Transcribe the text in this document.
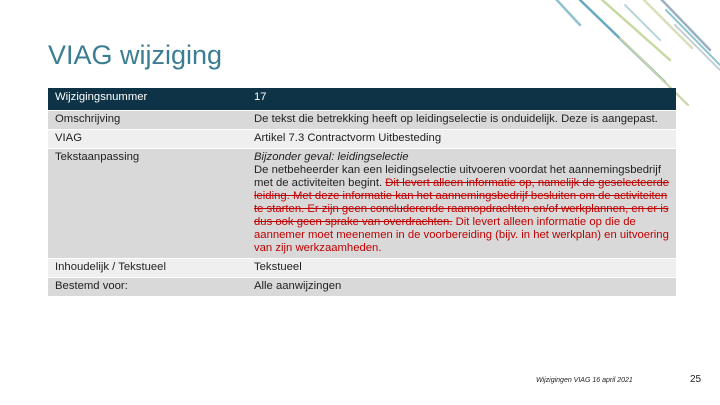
VIAG wijziging
Wijzigingsnummer	17
Omschrijving	De tekst die betrekking heeft op leidingselectie is onduidelijk. Deze is aangepast.
VIAG	Artikel 7.3 Contractvorm Uitbesteding
Tekstaanpassing	Bijzonder geval: leidingselectie
De netbeheerder kan een leidingselectie uitvoeren voordat het aannemingsbedrijf met de activiteiten begint. Dit levert alleen informatie op, namelijk de geselecteerde leiding. Met deze informatie kan het aannemingsbedrijf besluiten om de activiteiten te starten. Er zijn geen concluderende raamopdrachten en/of werkplannen, en er is dus ook geen sprake van overdrachten. Dit levert alleen informatie op die de aannemer moet meenemen in de voorbereiding (bijv. in het werkplan) en uitvoering van zijn werkzaamheden.

Inhoudelijk / Tekstueel	Tekstueel
Bestemd voor:	Alle aanwijzingen
Wijzigingen VIAG 16 april 2021	25
